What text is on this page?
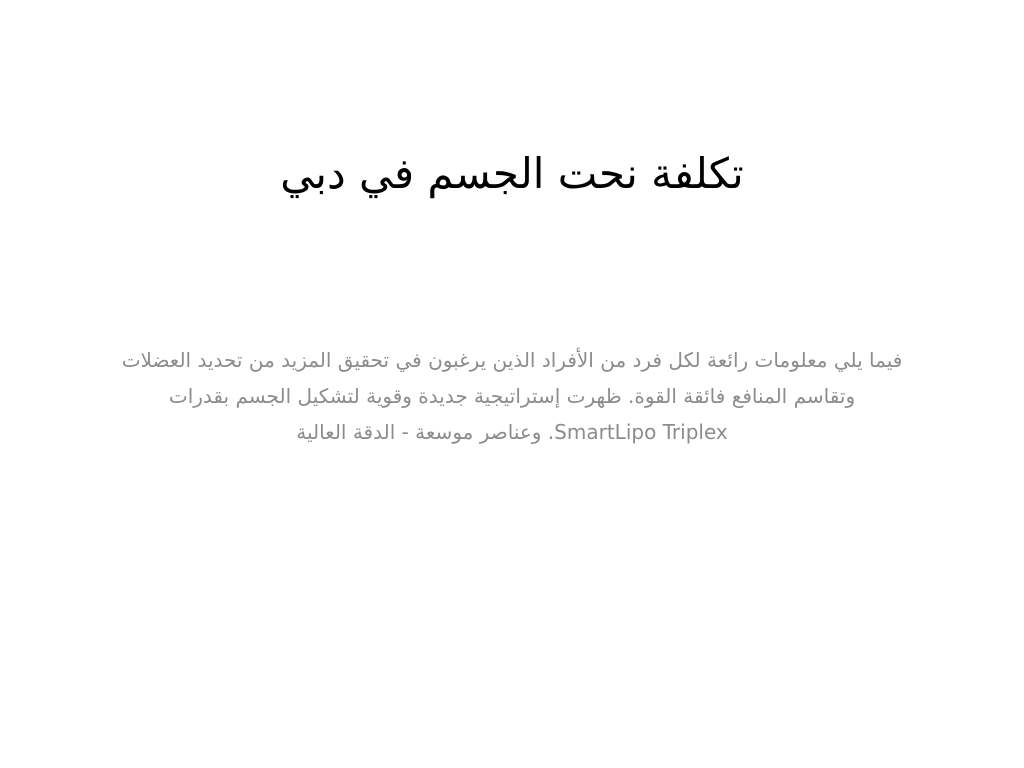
تكلفة نحت الجسم في دبي

فيما يلي معلومات رائعة لكل فرد من الأفراد الذين يرغبون في تحقيق المزيد من تحديد العضلات وتقاسم المنافع فائقة القوة. ظهرت إستراتيجية جديدة وقوية لتشكيل الجسم بقدرات SmartLipo Triplex. وعناصر موسعة - الدقة العالية
